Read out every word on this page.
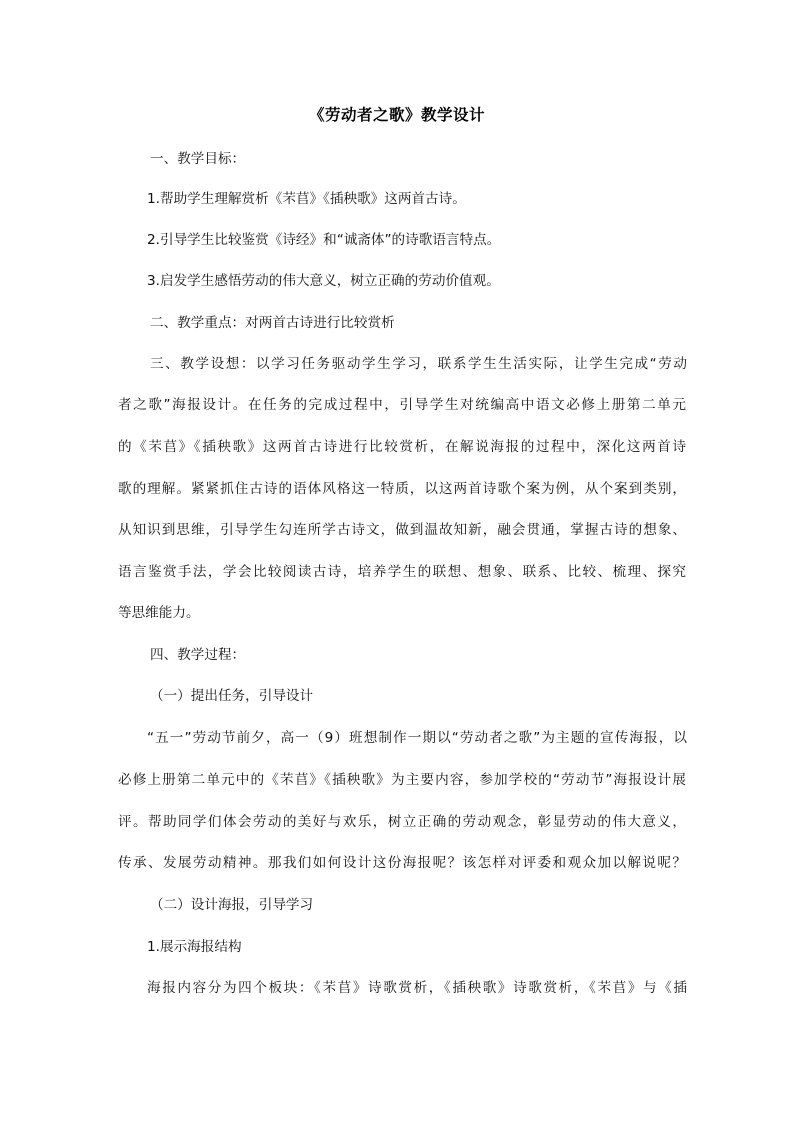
《劳动者之歌》教学设计
一、教学目标：
1.帮助学生理解赏析《芣苢》《插秧歌》这两首古诗。
2.引导学生比较鉴赏《诗经》和“诚斋体”的诗歌语言特点。
3.启发学生感悟劳动的伟大意义，树立正确的劳动价值观。
二、教学重点：对两首古诗进行比较赏析
三、教学设想：以学习任务驱动学生学习，联系学生生活实际，让学生完成“劳动
者之歌”海报设计。在任务的完成过程中，引导学生对统编高中语文必修上册第二单元
的《芣苢》《插秧歌》这两首古诗进行比较赏析，在解说海报的过程中，深化这两首诗
歌的理解。紧紧抓住古诗的语体风格这一特质，以这两首诗歌个案为例，从个案到类别，
从知识到思维，引导学生勾连所学古诗文，做到温故知新，融会贯通，掌握古诗的想象、
语言鉴赏手法，学会比较阅读古诗，培养学生的联想、想象、联系、比较、梳理、探究
等思维能力。
四、教学过程：
（一）提出任务，引导设计
“五一”劳动节前夕，高一（9）班想制作一期以“劳动者之歌”为主题的宣传海报，以
必修上册第二单元中的《芣苢》《插秧歌》为主要内容，参加学校的“劳动节”海报设计展
评。帮助同学们体会劳动的美好与欢乐，树立正确的劳动观念，彰显劳动的伟大意义，
传承、发展劳动精神。那我们如何设计这份海报呢？该怎样对评委和观众加以解说呢？
（二）设计海报，引导学习
1.展示海报结构
海报内容分为四个板块：《芣苢》诗歌赏析，《插秧歌》诗歌赏析，《芣苢》与《插
